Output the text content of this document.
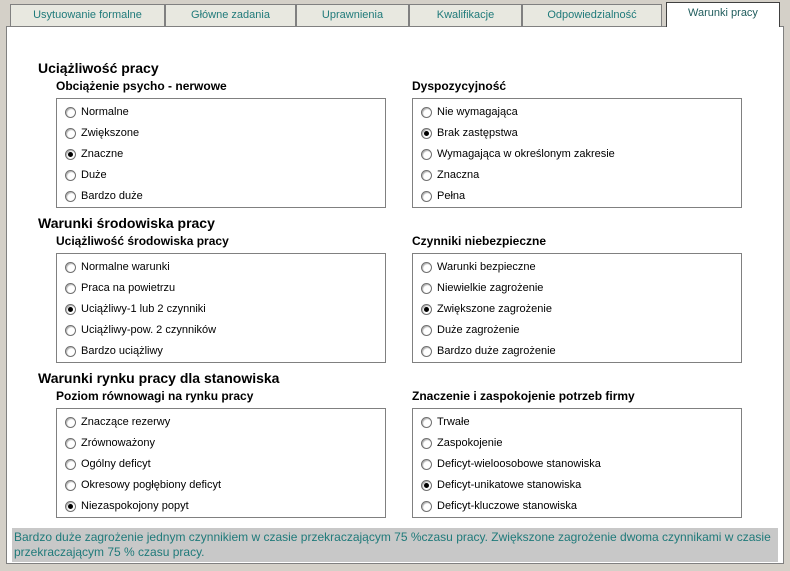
Usytuowanie formalne	Główne zadania	Uprawnienia	Kwalifikacje	Odpowiedzialność	Warunki pracy
Uciążliwość pracy
Obciążenie psycho - nerwowe	Dyspozycyjność
Normalne
Zwiększone
Znaczne
Duże
Bardzo duże
Nie wymagająca
Brak zastępstwa
Wymagająca w określonym zakresie
Znaczna
Pełna
Warunki środowiska pracy
Uciążliwość środowiska pracy	Czynniki niebezpieczne
Normalne warunki
Praca na powietrzu
Uciążliwy-1 lub 2 czynniki
Uciążliwy-pow. 2 czynników
Bardzo uciążliwy
Warunki bezpieczne
Niewielkie zagrożenie
Zwiększone zagrożenie
Duże zagrożenie
Bardzo duże zagrożenie
Warunki rynku pracy dla stanowiska
Poziom równowagi na rynku pracy	Znaczenie i zaspokojenie potrzeb firmy
Znaczące rezerwy
Zrównoważony
Ogólny deficyt
Okresowy pogłębiony deficyt
Niezaspokojony popyt
Trwałe
Zaspokojenie
Deficyt-wieloosobowe stanowiska
Deficyt-unikatowe stanowiska
Deficyt-kluczowe stanowiska
Bardzo duże zagrożenie jednym czynnikiem w czasie przekraczającym 75 %czasu pracy. Zwiększone zagrożenie dwoma czynnikami w czasie przekraczającym 75 % czasu pracy.
